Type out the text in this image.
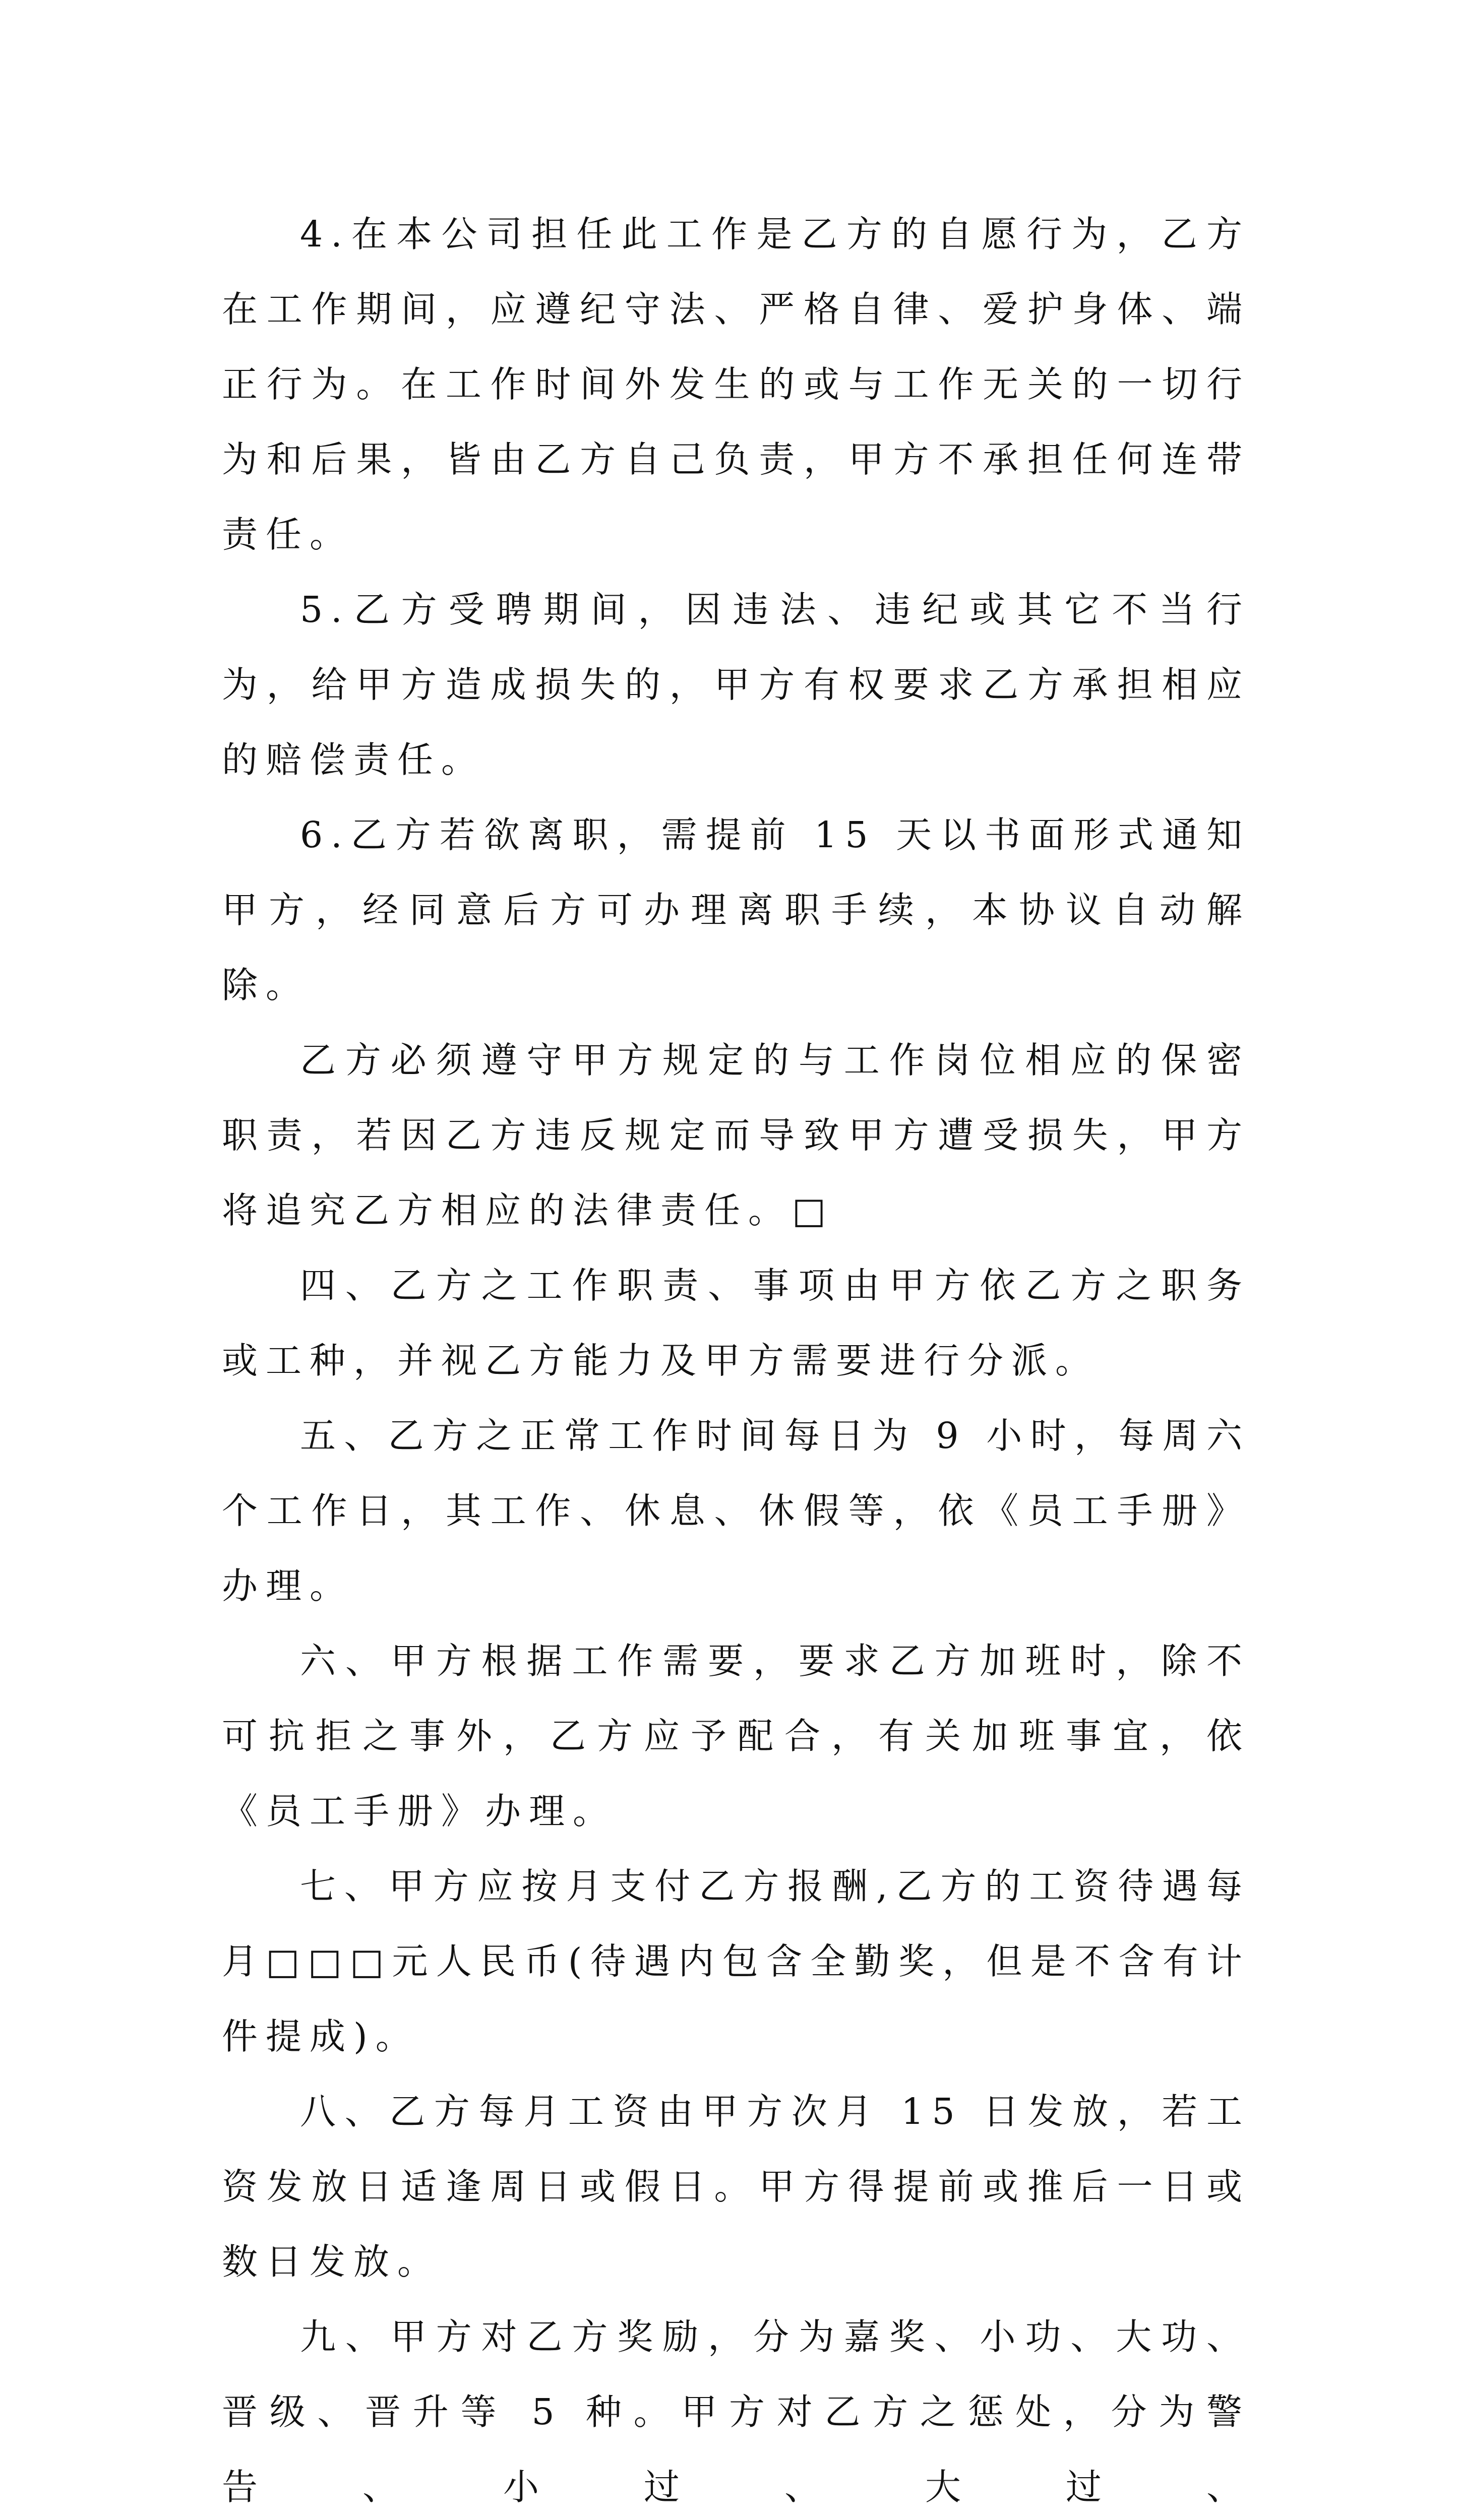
4.在本公司担任此工作是乙方的自愿行为，乙方在工作期间，应遵纪守法、严格自律、爱护身体、端正行为。在工作时间外发生的或与工作无关的一切行为和后果，皆由乙方自己负责，甲方不承担任何连带责任。

5.乙方受聘期间，因违法、违纪或其它不当行为，给甲方造成损失的，甲方有权要求乙方承担相应的赔偿责任。

6.乙方若欲离职，需提前 15 天以书面形式通知甲方，经同意后方可办理离职手续，本协议自动解除。

乙方必须遵守甲方规定的与工作岗位相应的保密职责，若因乙方违反规定而导致甲方遭受损失，甲方将追究乙方相应的法律责任。□

四、乙方之工作职责、事项由甲方依乙方之职务或工种，并视乙方能力及甲方需要进行分派。

五、乙方之正常工作时间每日为 9 小时，每周六个工作日，其工作、休息、休假等，依《员工手册》办理。

六、甲方根据工作需要，要求乙方加班时，除不可抗拒之事外，乙方应予配合，有关加班事宜，依《员工手册》办理。

七、甲方应按月支付乙方报酬,乙方的工资待遇每月□□□元人民币(待遇内包含全勤奖，但是不含有计件提成)。

八、乙方每月工资由甲方次月 15 日发放，若工资发放日适逢周日或假日。甲方得提前或推后一日或数日发放。

九、甲方对乙方奖励，分为嘉奖、小功、大功、晋级、晋升等 5 种。甲方对乙方之惩处，分为警告、小过、大过、
